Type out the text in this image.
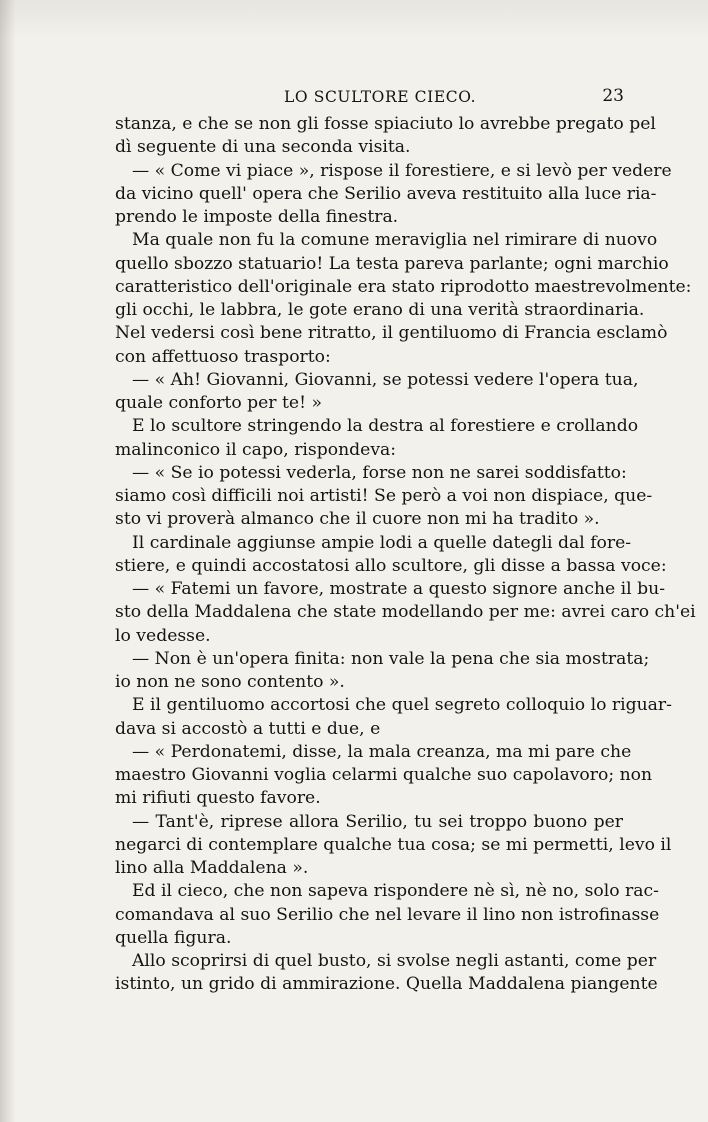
LO SCULTORE CIECO.	23
stanza, e che se non gli fosse spiaciuto lo avrebbe pregato pel
dì seguente di una seconda visita.
— « Come vi piace », rispose il forestiere, e si levò per vedere
da vicino quell' opera che Serilio aveva restituito alla luce ria-
prendo le imposte della finestra.
Ma quale non fu la comune meraviglia nel rimirare di nuovo
quello sbozzo statuario! La testa pareva parlante; ogni marchio
caratteristico dell'originale era stato riprodotto maestrevolmente:
gli occhi, le labbra, le gote erano di una verità straordinaria.
Nel vedersi così bene ritratto, il gentiluomo di Francia esclamò
con affettuoso trasporto:
— « Ah! Giovanni, Giovanni, se potessi vedere l'opera tua,
quale conforto per te! »
E lo scultore stringendo la destra al forestiere e crollando
malinconico il capo, rispondeva:
— « Se io potessi vederla, forse non ne sarei soddisfatto:
siamo così difficili noi artisti! Se però a voi non dispiace, que-
sto vi proverà almanco che il cuore non mi ha tradito ».
Il cardinale aggiunse ampie lodi a quelle dategli dal fore-
stiere, e quindi accostatosi allo scultore, gli disse a bassa voce:
— « Fatemi un favore, mostrate a questo signore anche il bu-
sto della Maddalena che state modellando per me: avrei caro ch'ei
lo vedesse.
— Non è un'opera finita: non vale la pena che sia mostrata;
io non ne sono contento ».
E il gentiluomo accortosi che quel segreto colloquio lo riguar-
dava si accostò a tutti e due, e
— « Perdonatemi, disse, la mala creanza, ma mi pare che
maestro Giovanni voglia celarmi qualche suo capolavoro; non
mi rifiuti questo favore.
— Tant'è, riprese allora Serilio, tu sei troppo buono per
negarci di contemplare qualche tua cosa; se mi permetti, levo il
lino alla Maddalena ».
Ed il cieco, che non sapeva rispondere nè sì, nè no, solo rac-
comandava al suo Serilio che nel levare il lino non istrofinasse
quella figura.
Allo scoprirsi di quel busto, si svolse negli astanti, come per
istinto, un grido di ammirazione. Quella Maddalena piangente
